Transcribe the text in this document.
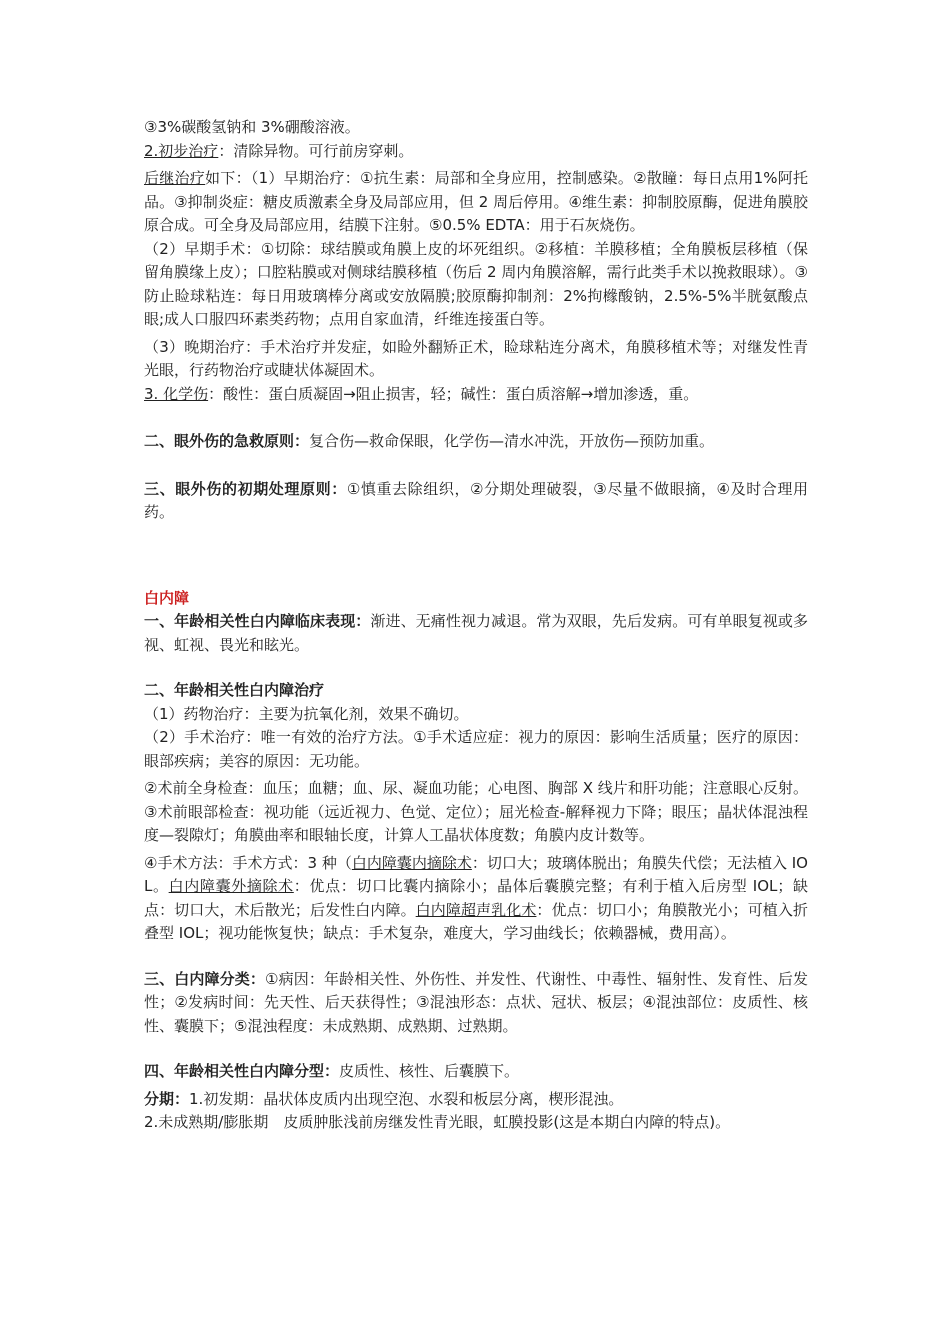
③3%碳酸氢钠和 3%硼酸溶液。

2.初步治疗：清除异物。可行前房穿刺。

后继治疗如下：（1）早期治疗：①抗生素：局部和全身应用，控制感染。②散瞳：每日点用1%阿托品。③抑制炎症：糖皮质激素全身及局部应用，但 2 周后停用。④维生素：抑制胶原酶，促进角膜胶原合成。可全身及局部应用，结膜下注射。⑤0.5% EDTA：用于石灰烧伤。

（2）早期手术：①切除：球结膜或角膜上皮的坏死组织。②移植：羊膜移植；全角膜板层移植（保留角膜缘上皮）；口腔粘膜或对侧球结膜移植（伤后 2 周内角膜溶解，需行此类手术以挽救眼球）。③防止睑球粘连：每日用玻璃棒分离或安放隔膜;胶原酶抑制剂：2%拘橼酸钠，2.5%-5%半胱氨酸点眼;成人口服四环素类药物；点用自家血清，纤维连接蛋白等。

（3）晚期治疗：手术治疗并发症，如睑外翻矫正术，睑球粘连分离术，角膜移植术等；对继发性青光眼，行药物治疗或睫状体凝固术。

3. 化学伤：酸性：蛋白质凝固→阻止损害，轻；碱性：蛋白质溶解→增加渗透，重。

二、眼外伤的急救原则：复合伤—救命保眼，化学伤—清水冲洗，开放伤—预防加重。

三、眼外伤的初期处理原则：①慎重去除组织，②分期处理破裂，③尽量不做眼摘，④及时合理用药。

白内障

一、年龄相关性白内障临床表现：渐进、无痛性视力减退。常为双眼，先后发病。可有单眼复视或多视、虹视、畏光和眩光。

二、年龄相关性白内障治疗

（1）药物治疗：主要为抗氧化剂，效果不确切。

（2）手术治疗：唯一有效的治疗方法。①手术适应症：视力的原因：影响生活质量；医疗的原因：眼部疾病；美容的原因：无功能。

②术前全身检查：血压；血糖；血、尿、凝血功能；心电图、胸部 X 线片和肝功能；注意眼心反射。③术前眼部检查：视功能（远近视力、色觉、定位）；屈光检查-解释视力下降；眼压；晶状体混浊程度—裂隙灯；角膜曲率和眼轴长度，计算人工晶状体度数；角膜内皮计数等。

④手术方法：手术方式：3 种（白内障囊内摘除术：切口大；玻璃体脱出；角膜失代偿；无法植入 IOL。白内障囊外摘除术：优点：切口比囊内摘除小；晶体后囊膜完整；有利于植入后房型 IOL；缺点：切口大，术后散光；后发性白内障。白内障超声乳化术：优点：切口小；角膜散光小；可植入折叠型 IOL；视功能恢复快；缺点：手术复杂，难度大，学习曲线长；依赖器械，费用高）。

三、白内障分类：①病因：年龄相关性、外伤性、并发性、代谢性、中毒性、辐射性、发育性、后发性；②发病时间：先天性、后天获得性；③混浊形态：点状、冠状、板层；④混浊部位：皮质性、核性、囊膜下；⑤混浊程度：未成熟期、成熟期、过熟期。

四、年龄相关性白内障分型：皮质性、核性、后囊膜下。

分期：1.初发期：晶状体皮质内出现空泡、水裂和板层分离，楔形混浊。

2.未成熟期/膨胀期　皮质肿胀浅前房继发性青光眼，虹膜投影(这是本期白内障的特点)。
